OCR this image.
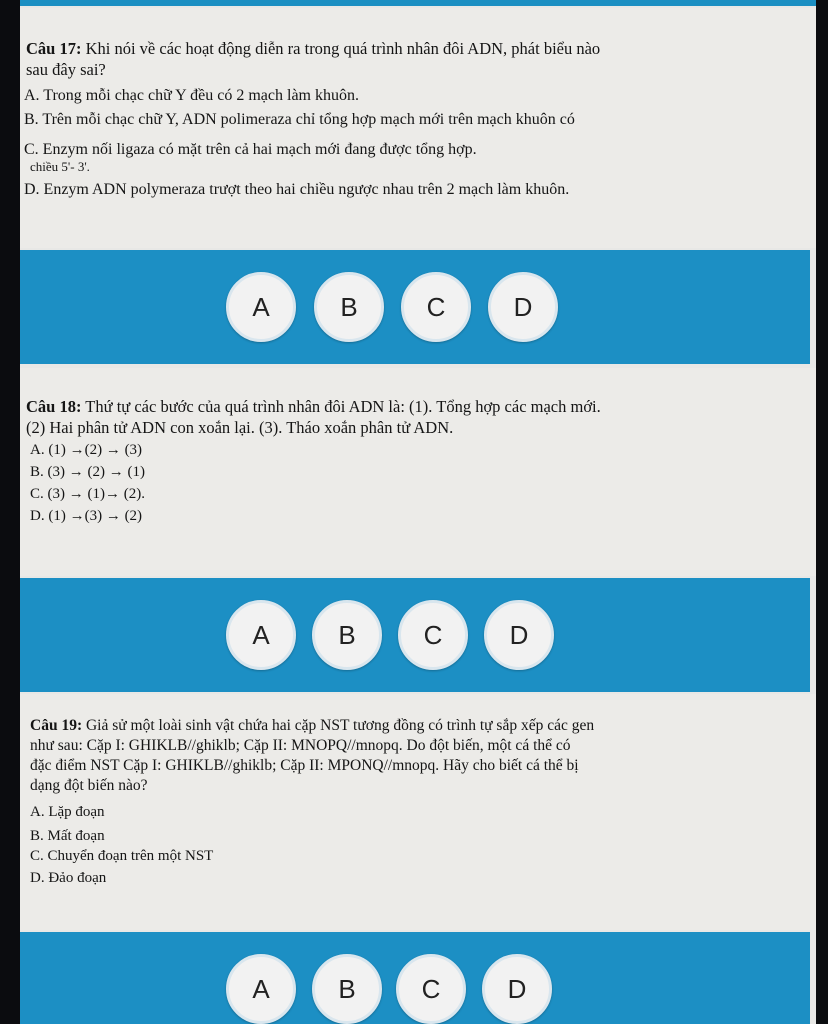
Câu 17: Khi nói về các hoạt động diễn ra trong quá trình nhân đôi ADN, phát biểu nào
sau đây sai?
A. Trong mỗi chạc chữ Y đều có 2 mạch làm khuôn.
B. Trên mỗi chạc chữ Y, ADN polimeraza chỉ tổng hợp mạch mới trên mạch khuôn có
C. Enzym nối ligaza có mặt trên cả hai mạch mới đang được tổng hợp.
chiều 5'- 3'.
D. Enzym ADN polymeraza trượt theo hai chiều ngược nhau trên 2 mạch làm khuôn.
A	B	C	D
Câu 18: Thứ tự các bước của quá trình nhân đôi ADN là: (1). Tổng hợp các mạch mới.
(2) Hai phân tử ADN con xoắn lại. (3). Tháo xoắn phân tử ADN.
A. (1) →(2) → (3)
B. (3) → (2) → (1)
C. (3) → (1)→ (2).
D. (1) →(3) → (2)
A	B	C	D
Câu 19: Giả sử một loài sinh vật chứa hai cặp NST tương đồng có trình tự sắp xếp các gen
như sau: Cặp I: GHIKLB//ghiklb; Cặp II: MNOPQ//mnopq. Do đột biến, một cá thể có
đặc điểm NST Cặp I: GHIKLB//ghiklb; Cặp II: MPONQ//mnopq. Hãy cho biết cá thể bị
dạng đột biến nào?
A. Lặp đoạn
B. Mất đoạn
C. Chuyển đoạn trên một NST
D. Đảo đoạn
A	B	C	D
